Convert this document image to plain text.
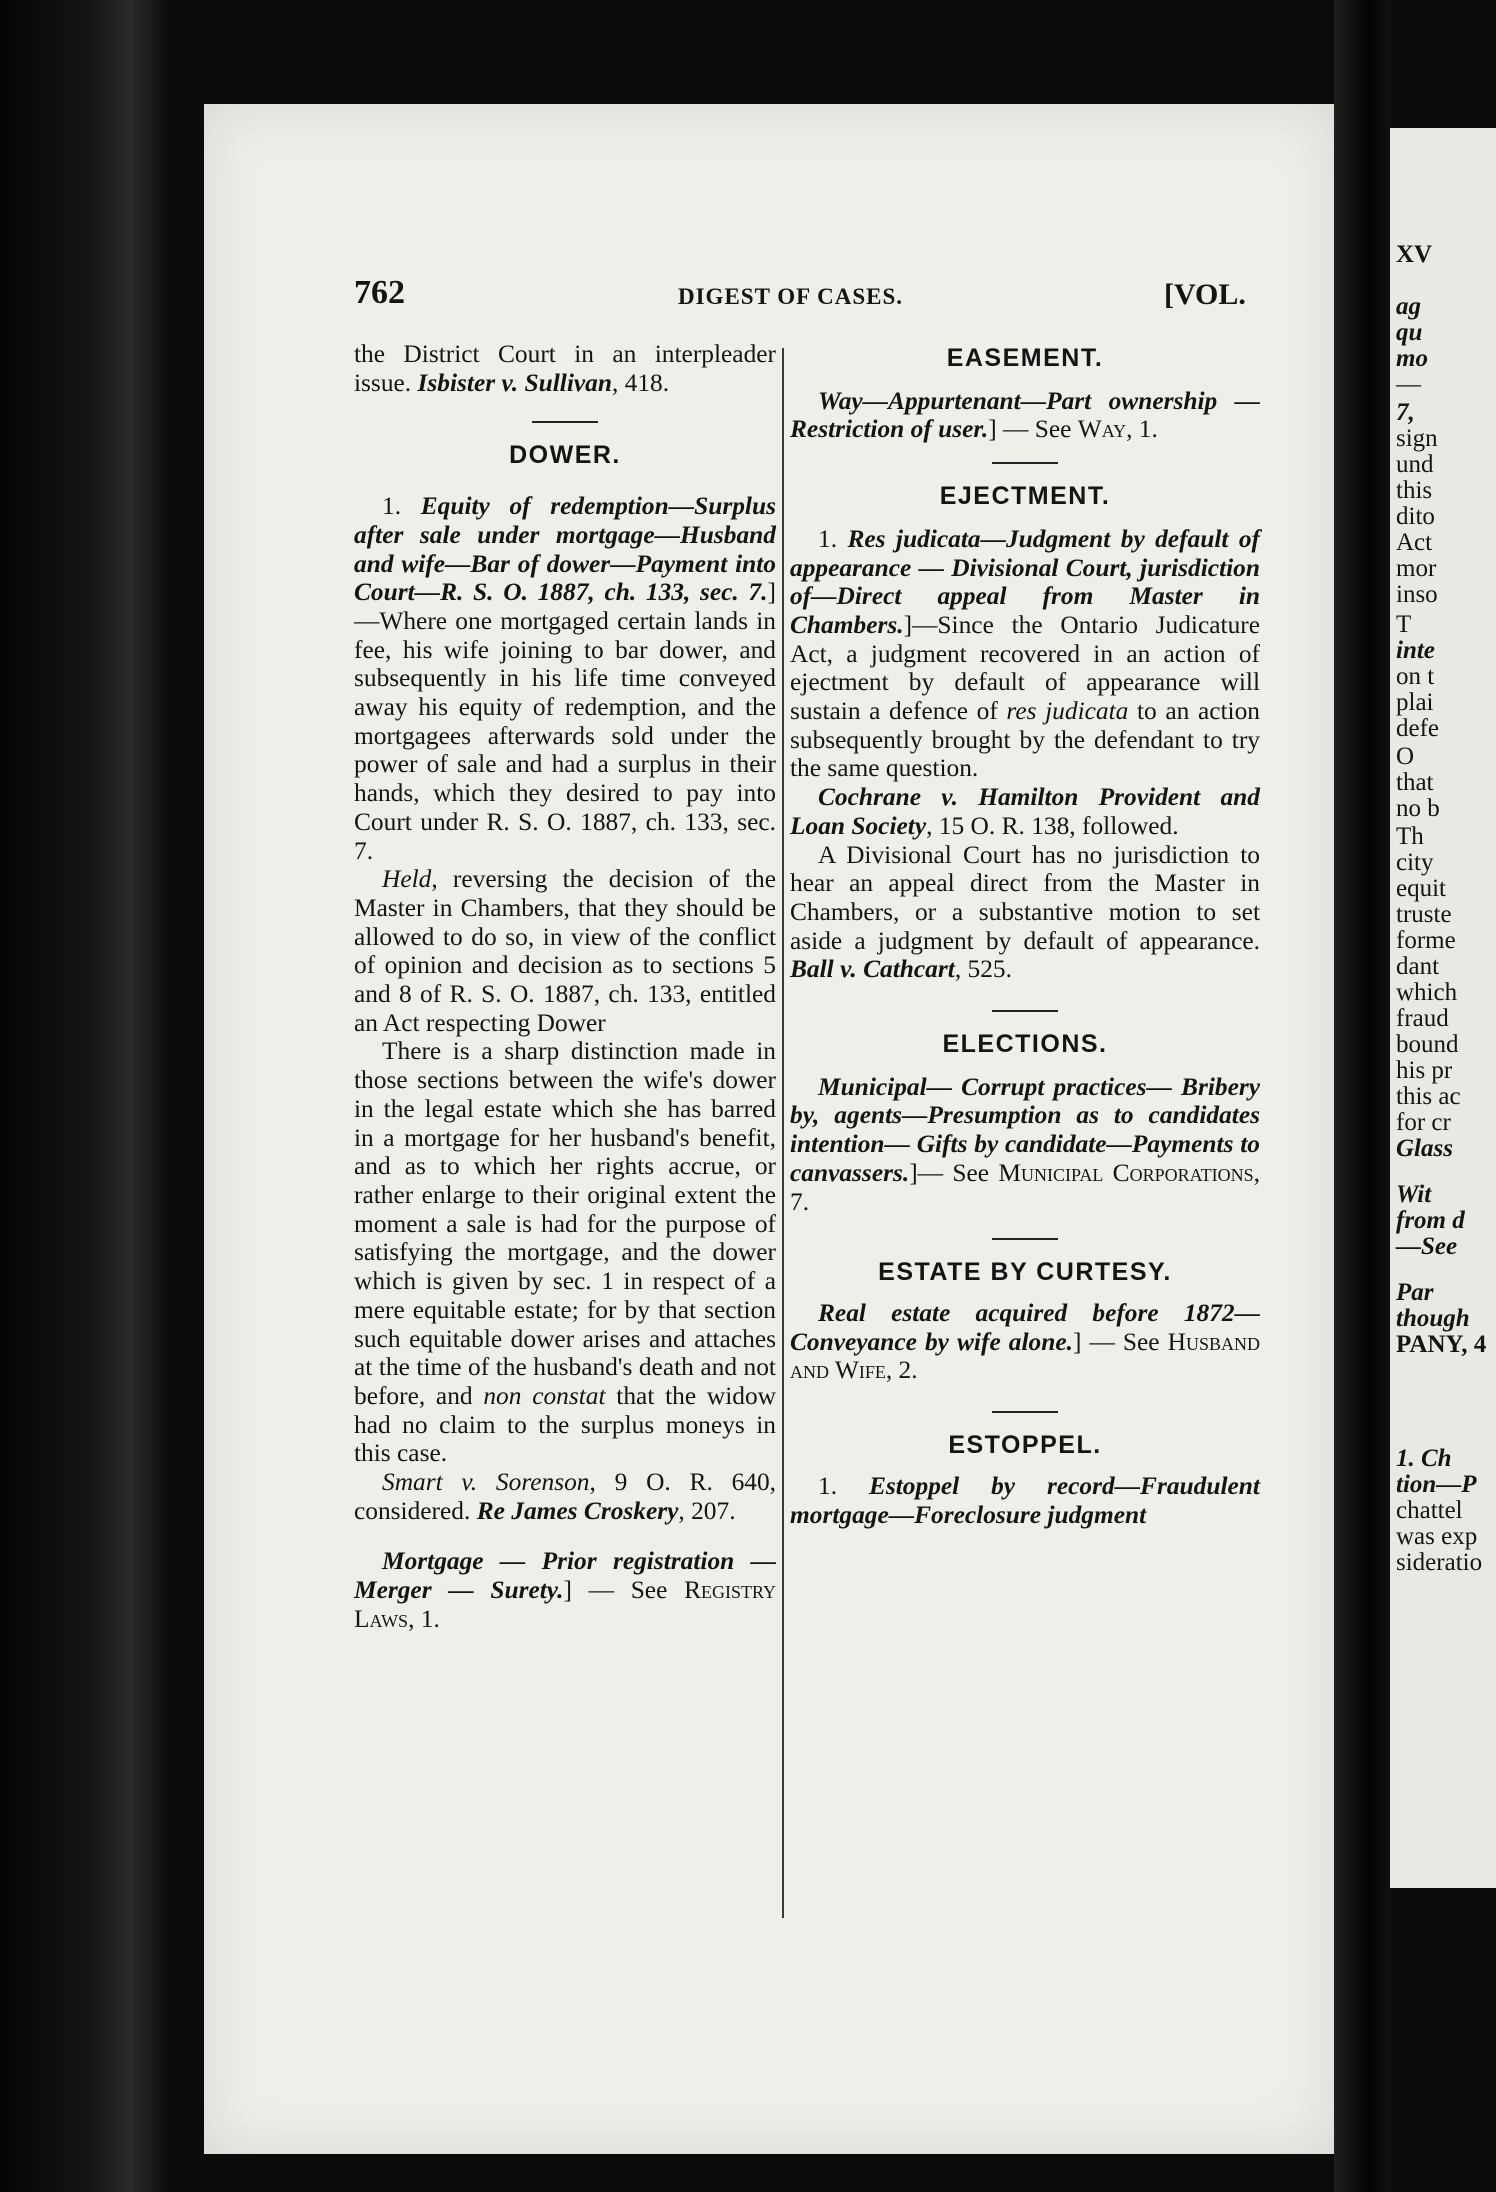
762	DIGEST OF CASES.	[VOL.

the District Court in an interpleader issue. Isbister v. Sullivan, 418.

DOWER.

1. Equity of redemption—Surplus after sale under mortgage—Husband and wife—Bar of dower—Payment into Court—R. S. O. 1887, ch. 133, sec. 7.]—Where one mortgaged certain lands in fee, his wife joining to bar dower, and subsequently in his life time conveyed away his equity of redemption, and the mortgagees afterwards sold under the power of sale and had a surplus in their hands, which they desired to pay into Court under R. S. O. 1887, ch. 133, sec. 7.

Held, reversing the decision of the Master in Chambers, that they should be allowed to do so, in view of the conflict of opinion and decision as to sections 5 and 8 of R. S. O. 1887, ch. 133, entitled an Act respecting Dower

There is a sharp distinction made in those sections between the wife's dower in the legal estate which she has barred in a mortgage for her husband's benefit, and as to which her rights accrue, or rather enlarge to their original extent the moment a sale is had for the purpose of satisfying the mortgage, and the dower which is given by sec. 1 in respect of a mere equitable estate; for by that section such equitable dower arises and attaches at the time of the husband's death and not before, and non constat that the widow had no claim to the surplus moneys in this case.

Smart v. Sorenson, 9 O. R. 640, considered. Re James Croskery, 207.

Mortgage — Prior registration — Merger — Surety.] — See Registry Laws, 1.

EASEMENT.

Way—Appurtenant—Part ownership — Restriction of user.] — See Way, 1.

EJECTMENT.

1. Res judicata—Judgment by default of appearance — Divisional Court, jurisdiction of—Direct appeal from Master in Chambers.]—Since the Ontario Judicature Act, a judgment recovered in an action of ejectment by default of appearance will sustain a defence of res judicata to an action subsequently brought by the defendant to try the same question.

Cochrane v. Hamilton Provident and Loan Society, 15 O. R. 138, followed.

A Divisional Court has no jurisdiction to hear an appeal direct from the Master in Chambers, or a substantive motion to set aside a judgment by default of appearance. Ball v. Cathcart, 525.

ELECTIONS.

Municipal— Corrupt practices— Bribery by, agents—Presumption as to candidates intention— Gifts by candidate—Payments to canvassers.]— See Municipal Corporations, 7.

ESTATE BY CURTESY.

Real estate acquired before 1872— Conveyance by wife alone.] — See Husband and Wife, 2.

ESTOPPEL.

1. Estoppel by record—Fraudulent mortgage—Foreclosure judgment

XV
ag
qu
mo
—
7,
sign
und
this
dito
Act
mor
inso
T
inte
on t
plai
defe
O
that
no b
Th
city
equit
truste
forme
dant
which
fraud
bound
his pr
this ac
for cr
Glass
Wit
from d
—See
Par
though
PANY, 4
1. Ch
tion—P
chattel
was exp
sideratio
